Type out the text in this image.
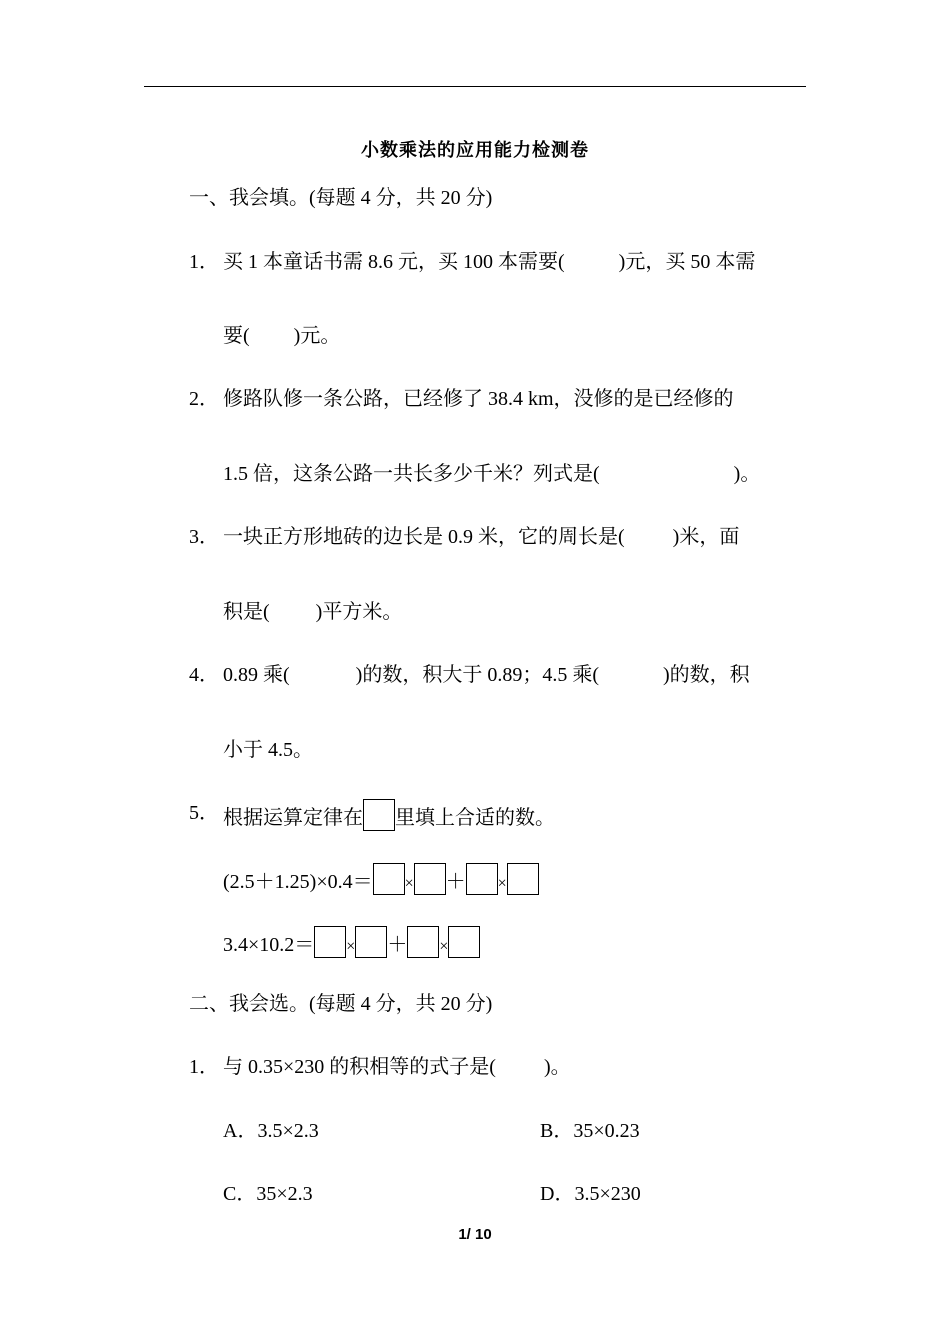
小数乘法的应用能力检测卷
一、我会填。(每题 4 分，共 20 分)
1． 买 1 本童话书需 8.6 元，买 100 本需要(	)元，买 50 本需
要( )元。
2． 修路队修一条公路，已经修了 38.4 km，没修的是已经修的
1.5 倍，这条公路一共长多少千米？列式是(	)。
3． 一块正方形地砖的边长是 0.9 米，它的周长是( )米，面
积是( )平方米。
4． 0.89 乘(	)的数，积大于 0.89；4.5 乘(	)的数，积
小于 4.5。
5． 根据运算定律在 里填上合适的数。
(2.5＋1.25)×0.4＝ × ＋ ×
3.4×10.2＝ × ＋ ×
二、我会选。(每题 4 分，共 20 分)
1． 与 0.35×230 的积相等的式子是( )。
A．3.5×2.3	B．35×0.23
C．35×2.3	D．3.5×230
1/ 10
